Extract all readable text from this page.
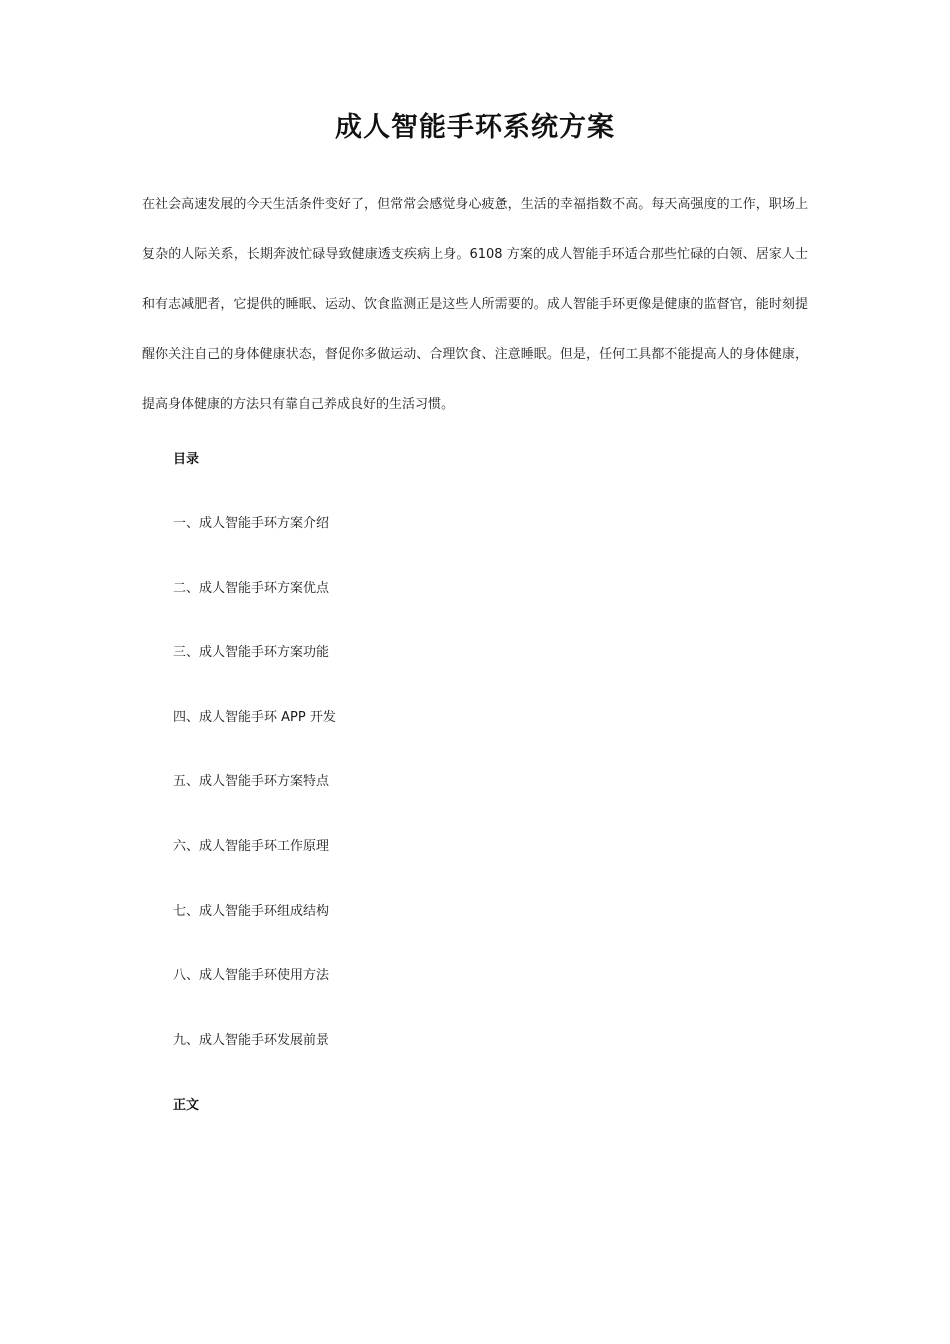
成人智能手环系统方案
在社会高速发展的今天生活条件变好了，但常常会感觉身心疲惫，生活的幸福指数不高。每天高强度的工作，职场上复杂的人际关系，长期奔波忙碌导致健康透支疾病上身。6108 方案的成人智能手环适合那些忙碌的白领、居家人士和有志减肥者，它提供的睡眠、运动、饮食监测正是这些人所需要的。成人智能手环更像是健康的监督官，能时刻提醒你关注自己的身体健康状态，督促你多做运动、合理饮食、注意睡眠。但是，任何工具都不能提高人的身体健康，提高身体健康的方法只有靠自己养成良好的生活习惯。
目录
一、成人智能手环方案介绍
二、成人智能手环方案优点
三、成人智能手环方案功能
四、成人智能手环 APP 开发
五、成人智能手环方案特点
六、成人智能手环工作原理
七、成人智能手环组成结构
八、成人智能手环使用方法
九、成人智能手环发展前景
正文
